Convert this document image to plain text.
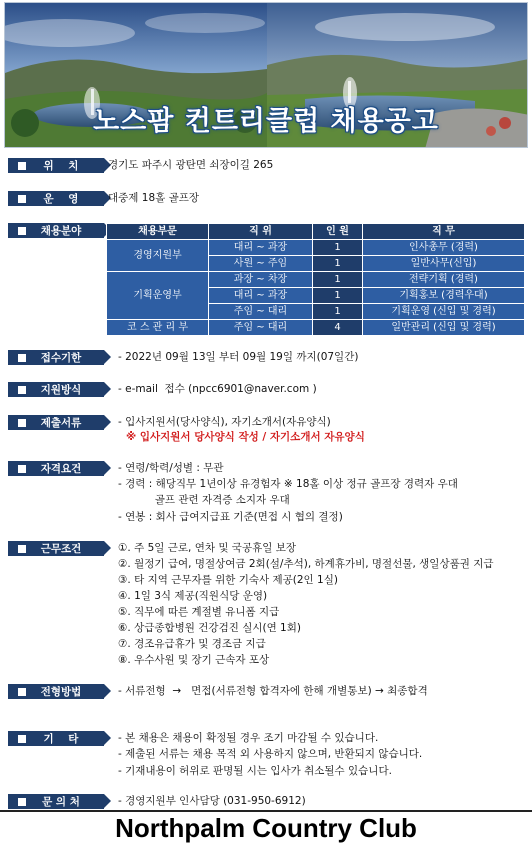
노스팜 컨트리클럽 채용공고
위    치	경기도 파주시 광탄면 쇠장이길 265
운    영	대중제 18홀 골프장
채용분야	채용부문	직 위	인 원	직 무
경영지원부	대리 ~ 과장	1	인사총무 (경력)
	사원 ~ 주임	1	일반사무(신입)
기획운영부	과장 ~ 차장	1	전략기획 (경력)
	대리 ~ 과장	1	기획홍보 (경력우대)
	주임 ~ 대리	1	기획운영 (신입 및 경력)
코 스 관 리 부	주임 ~ 대리	4	일반관리 (신입 및 경력)
접수기한	- 2022년 09월 13일 부터 09월 19일 까지(07일간)
지원방식	- e-mail  접수 (npcc6901@naver.com )
제출서류	- 입사지원서(당사양식), 자기소개서(자유양식)
※ 입사지원서 당사양식 작성 / 자기소개서 자유양식
자격요건	- 연령/학력/성별 : 무관
- 경력 : 해당직무 1년이상 유경험자 ※ 18홀 이상 정규 골프장 경력자 우대
골프 관련 자격증 소지자 우대
- 연봉 : 회사 급여지급표 기준(면접 시 협의 결정)
근무조건	①. 주 5일 근로, 연차 및 국공휴일 보장
②. 월정기 급여, 명절상여금 2회(설/추석), 하계휴가비, 명절선물, 생일상품권 지급
③. 타 지역 근무자를 위한 기숙사 제공(2인 1실)
④. 1일 3식 제공(직원식당 운영)
⑤. 직무에 따른 계절별 유니폼 지급
⑥. 상급종합병원 건강검진 실시(연 1회)
⑦. 경조유급휴가 및 경조금 지급
⑧. 우수사원 및 장기 근속자 포상
전형방법	- 서류전형  →   면접(서류전형 합격자에 한해 개별통보) → 최종합격
기    타	- 본 채용은 채용이 확정될 경우 조기 마감될 수 있습니다.
- 제출된 서류는 채용 목적 외 사용하지 않으며, 반환되지 않습니다.
- 기재내용이 허위로 판명될 시는 입사가 취소될수 있습니다.
문 의 처	- 경영지원부 인사담당 (031-950-6912)
Northpalm Country Club
